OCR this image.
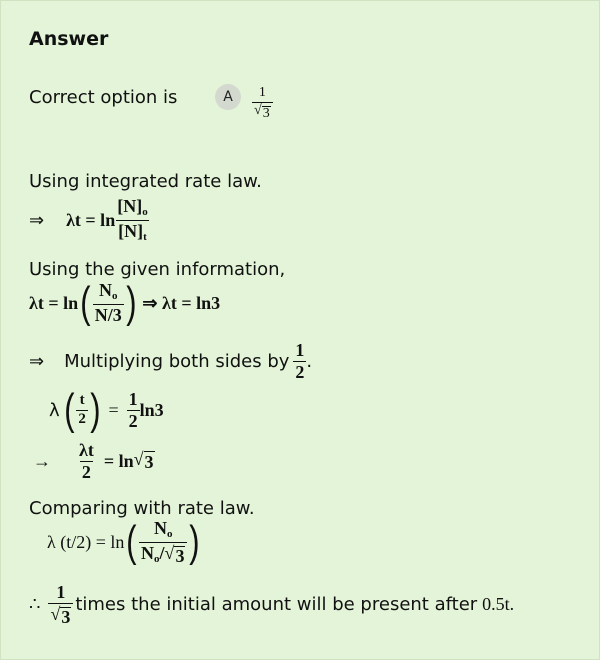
Answer
Correct option is	A	$\frac{1}{√ 3}$
Using integrated rate law.
⇒ $\lambda t = \ln \frac{[N]_o}{[N]_t}$
Using the given information,
λt = ln ( $\frac{N_o}{N/3}$ ) ⇒ λt = ln3
⇒ Multiplying both sides by $\frac{1}{2}$ .
λ ( $\frac{t}{2}$ ) = $\frac{1}{2} \ln 3$
→ $\frac{\lambda t}{2} = \ln$ √ 3
Comparing with rate law.
λ (t/2) = ln ( $\frac{N_o}{N_o/ √ 3}$ )
∴ $\frac{1}{√ 3}$ times the initial amount will be present after 0.5t.
